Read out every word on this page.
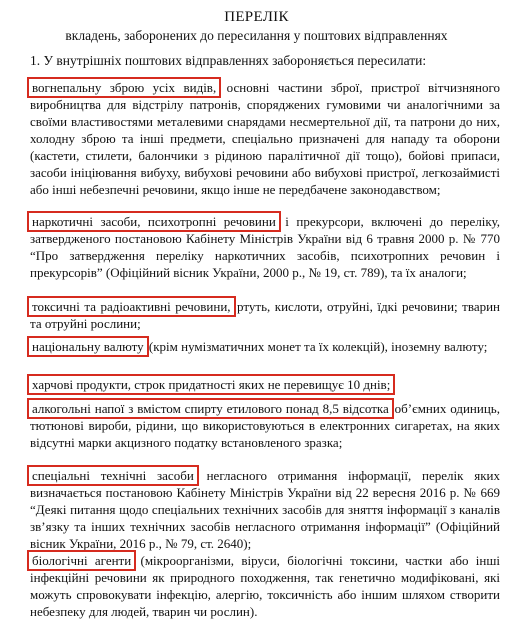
ПЕРЕЛІК
вкладень, заборонених до пересилання у поштових відправленнях
1. У внутрішніх поштових відправленнях забороняється пересилати:
вогнепальну зброю усіх видів, основні частини зброї, пристрої вітчизняного виробництва для відстрілу патронів, споряджених гумовими чи аналогічними за своїми властивостями металевими снарядами несмертельної дії, та патрони до них, холодну зброю та інші предмети, спеціально призначені для нападу та оборони (кастети, стилети, балончики з рідиною паралітичної дії тощо), бойові припаси, засоби ініціювання вибуху, вибухові речовини або вибухові пристрої, легкозаймисті або інші небезпечні речовини, якщо інше не передбачене законодавством;
наркотичні засоби, психотропні речовини і прекурсори, включені до переліку, затвердженого постановою Кабінету Міністрів України від 6 травня 2000 р. № 770 “Про затвердження переліку наркотичних засобів, психотропних речовин і прекурсорів” (Офіційний вісник України, 2000 р., № 19, ст. 789), та їх аналоги;
токсичні та радіоактивні речовини, ртуть, кислоти, отруйні, їдкі речовини; тварин та отруйні рослини;
національну валюту (крім нумізматичних монет та їх колекцій), іноземну валюту;
харчові продукти, строк придатності яких не перевищує 10 днів;
алкогольні напої з вмістом спирту етилового понад 8,5 відсотка об’ємних одиниць, тютюнові вироби, рідини, що використовуються в електронних сигаретах, на яких відсутні марки акцизного податку встановленого зразка;
спеціальні технічні засоби негласного отримання інформації, перелік яких визначається постановою Кабінету Міністрів України від 22 вересня 2016 р. № 669 “Деякі питання щодо спеціальних технічних засобів для зняття інформації з каналів зв’язку та інших технічних засобів негласного отримання інформації” (Офіційний вісник України, 2016 р., № 79, ст. 2640);
біологічні агенти (мікроорганізми, віруси, біологічні токсини, частки або інші інфекційні речовини як природного походження, так генетично модифіковані, які можуть спровокувати інфекцію, алергію, токсичність або іншим шляхом створити небезпеку для людей, тварин чи рослин).
